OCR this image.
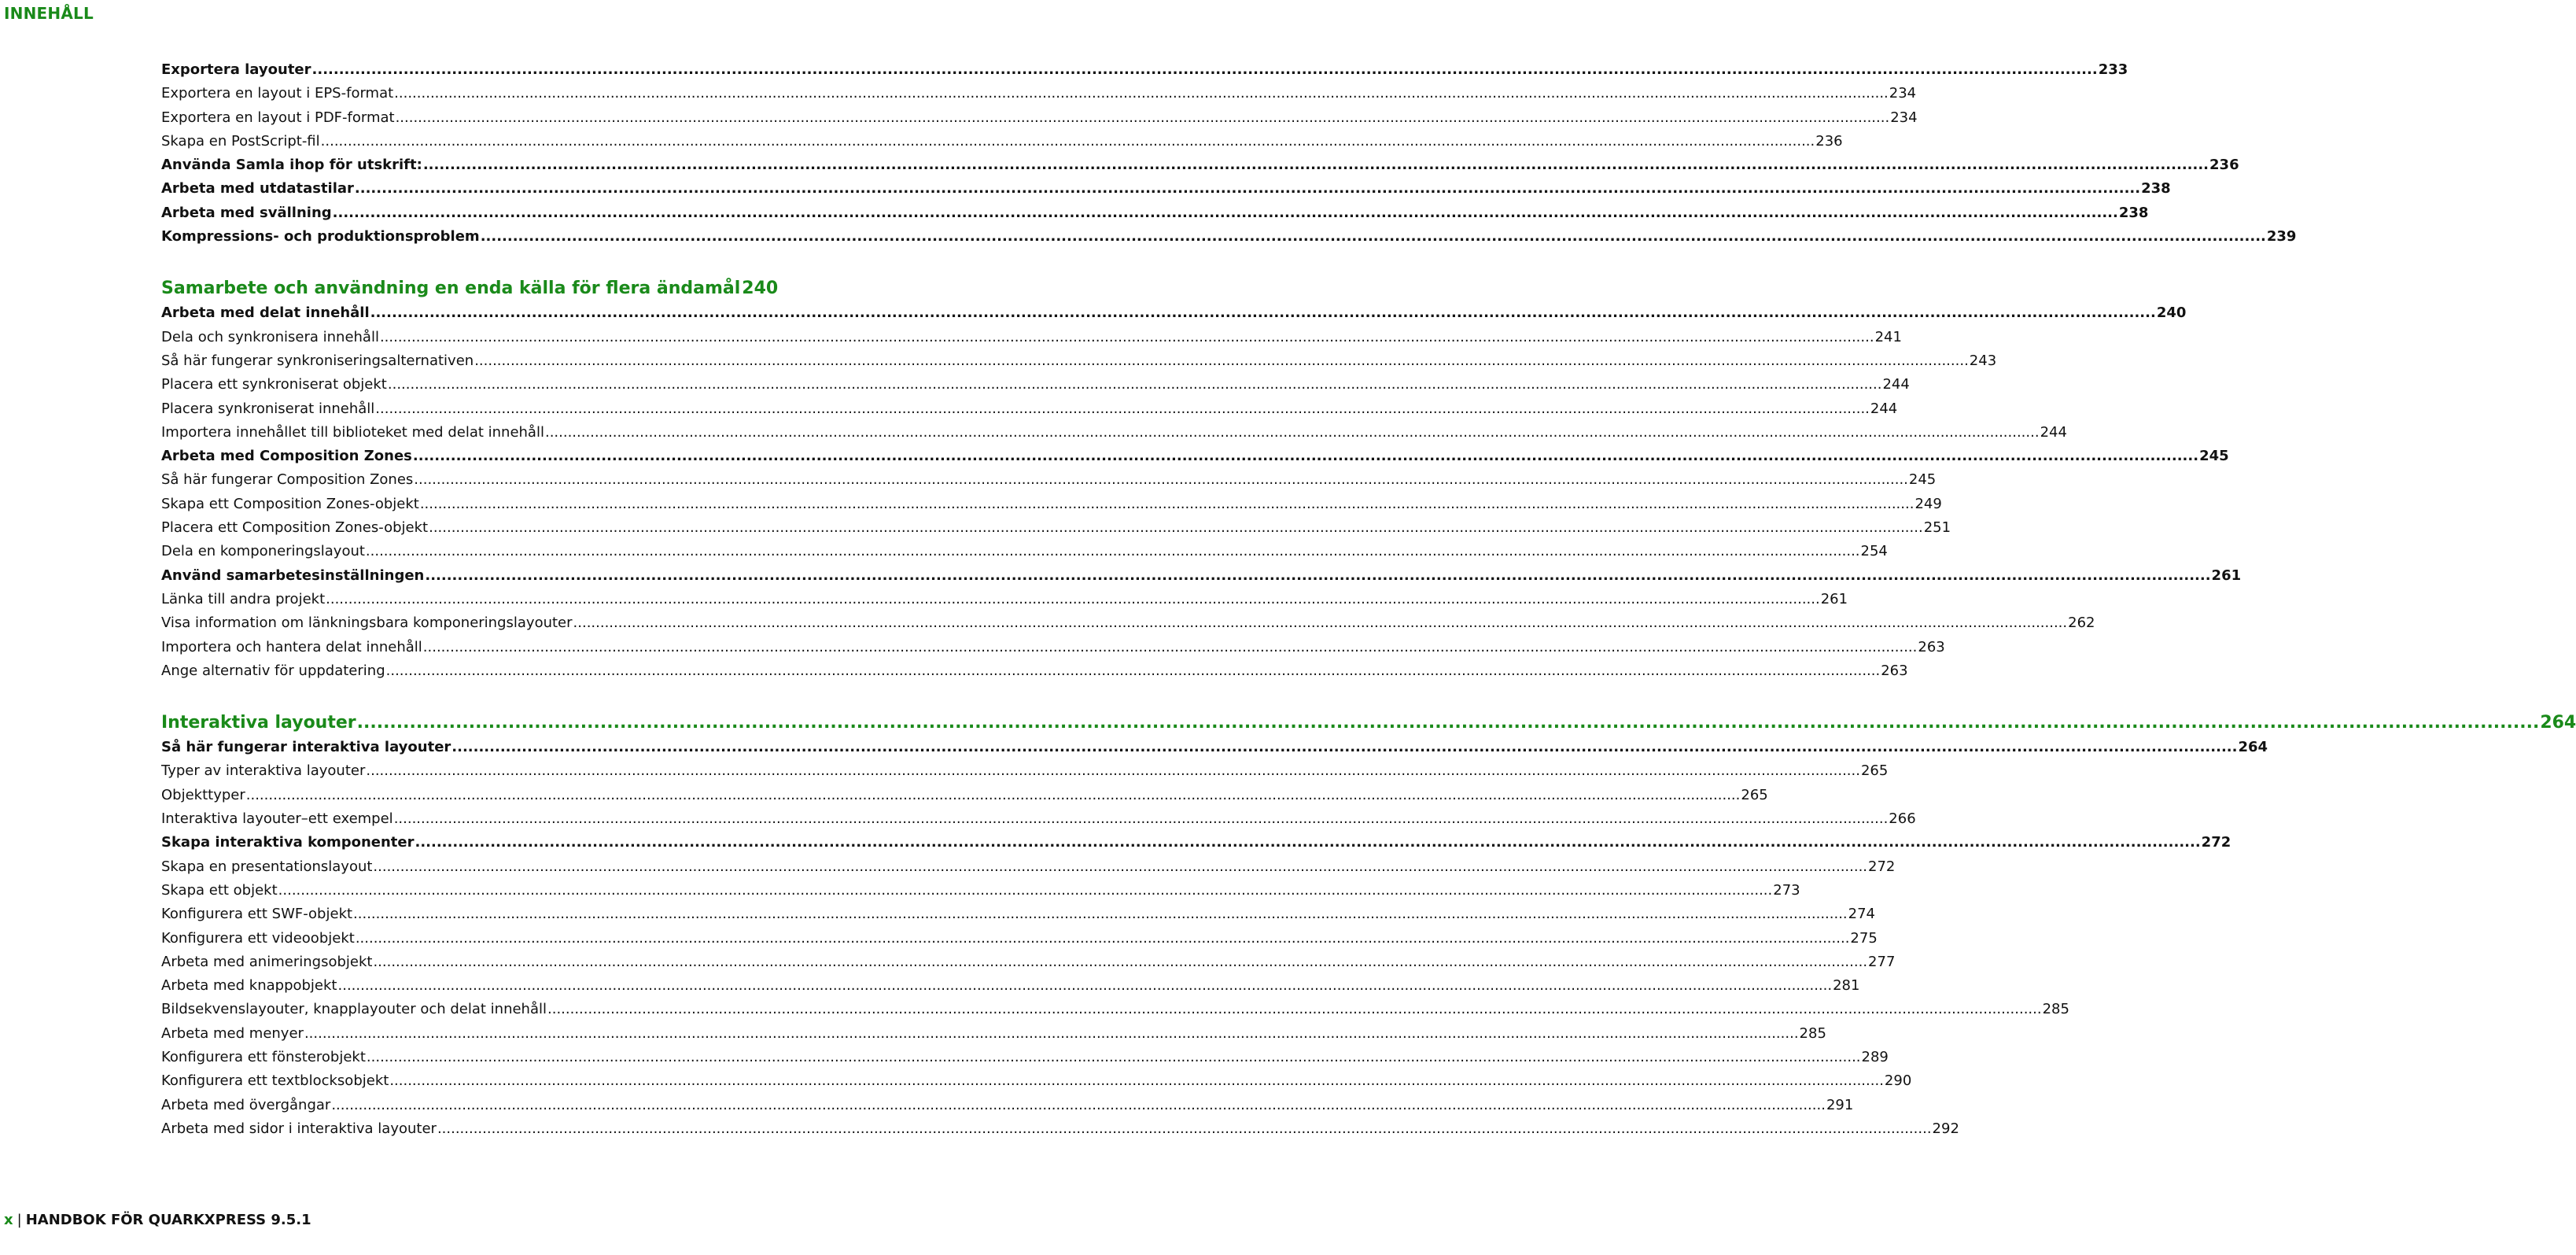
INNEHÅLL
Exportera layouter .....	233
Exportera en layout i EPS-format .....	234
Exportera en layout i PDF-format .....	234
Skapa en PostScript-fil .....	236
Använda Samla ihop för utskrift: .....	236
Arbeta med utdatastilar .....	238
Arbeta med svällning .....	238
Kompressions- och produktionsproblem .....	239
Samarbete och användning en enda källa för flera ändamål 240
Arbeta med delat innehåll .....	240
Dela och synkronisera innehåll .....	241
Så här fungerar synkroniseringsalternativen .....	243
Placera ett synkroniserat objekt .....	244
Placera synkroniserat innehåll .....	244
Importera innehållet till biblioteket med delat innehåll .....	244
Arbeta med Composition Zones .....	245
Så här fungerar Composition Zones .....	245
Skapa ett Composition Zones-objekt .....	249
Placera ett Composition Zones-objekt .....	251
Dela en komponeringslayout .....	254
Använd samarbetesinställningen .....	261
Länka till andra projekt .....	261
Visa information om länkningsbara komponeringslayouter .....	262
Importera och hantera delat innehåll .....	263
Ange alternativ för uppdatering .....	263
Interaktiva layouter .....	264
Så här fungerar interaktiva layouter .....	264
Typer av interaktiva layouter .....	265
Objekttyper .....	265
Interaktiva layouter–ett exempel .....	266
Skapa interaktiva komponenter .....	272
Skapa en presentationslayout .....	272
Skapa ett objekt .....	273
Konfigurera ett SWF-objekt .....	274
Konfigurera ett videoobjekt .....	275
Arbeta med animeringsobjekt .....	277
Arbeta med knappobjekt .....	281
Bildsekvenslayouter, knapplayouter och delat innehåll .....	285
Arbeta med menyer .....	285
Konfigurera ett fönsterobjekt .....	289
Konfigurera ett textblocksobjekt .....	290
Arbeta med övergångar .....	291
Arbeta med sidor i interaktiva layouter .....	292
x | HANDBOK FÖR QUARKXPRESS 9.5.1
